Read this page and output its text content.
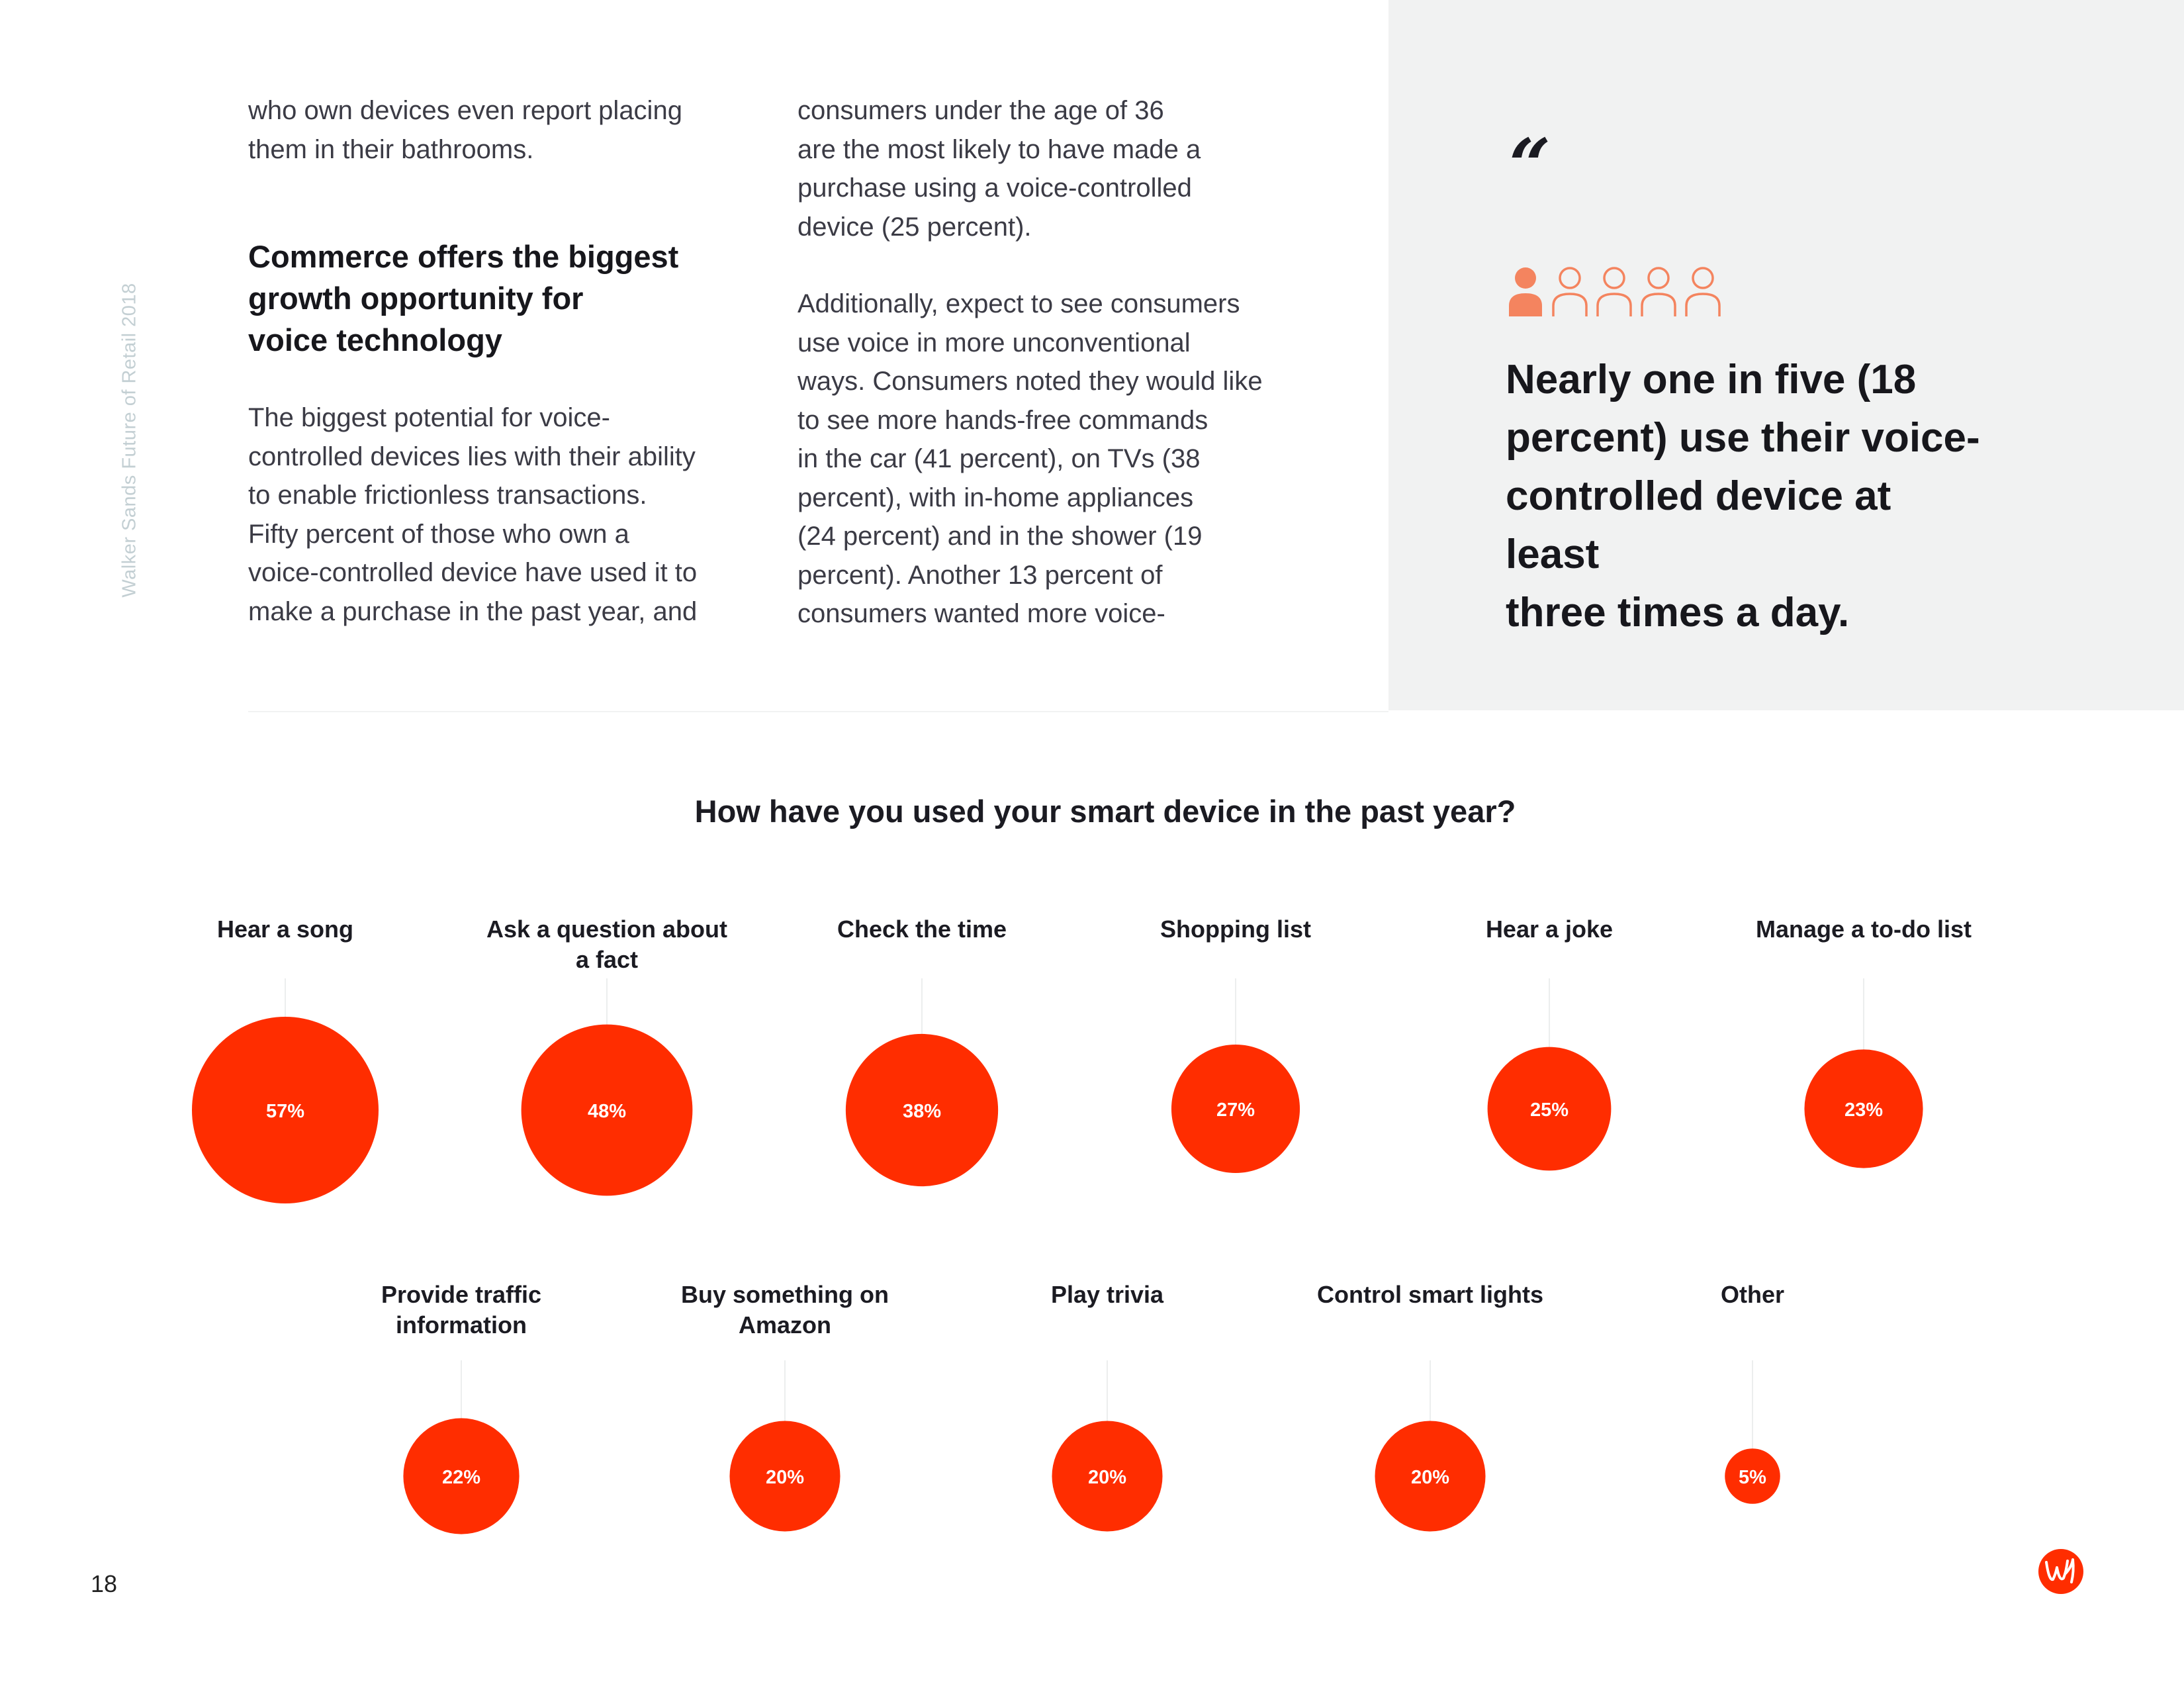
Walker Sands Future of Retail 2018
who own devices even report placing
them in their bathrooms.
Commerce offers the biggest
growth opportunity for
voice technology
The biggest potential for voice-
controlled devices lies with their ability
to enable frictionless transactions.
Fifty percent of those who own a
voice-controlled device have used it to
make a purchase in the past year, and
consumers under the age of 36
are the most likely to have made a
purchase using a voice-controlled
device (25 percent).
Additionally, expect to see consumers
use voice in more unconventional
ways. Consumers noted they would like
to see more hands-free commands
in the car (41 percent), on TVs (38
percent), with in-home appliances
(24 percent) and in the shower (19
percent). Another 13 percent of
consumers wanted more voice-
“
Nearly one in five (18
percent) use their voice-
controlled device at least
three times a day.
How have you used your smart device in the past year?
Hear a song
57%
Ask a question about
a fact
48%
Check the time
38%
Shopping list
27%
Hear a joke
25%
Manage a to-do list
23%
Provide traffic
information
22%
Buy something on
Amazon
20%
Play trivia
20%
Control smart lights
20%
Other
5%
18
